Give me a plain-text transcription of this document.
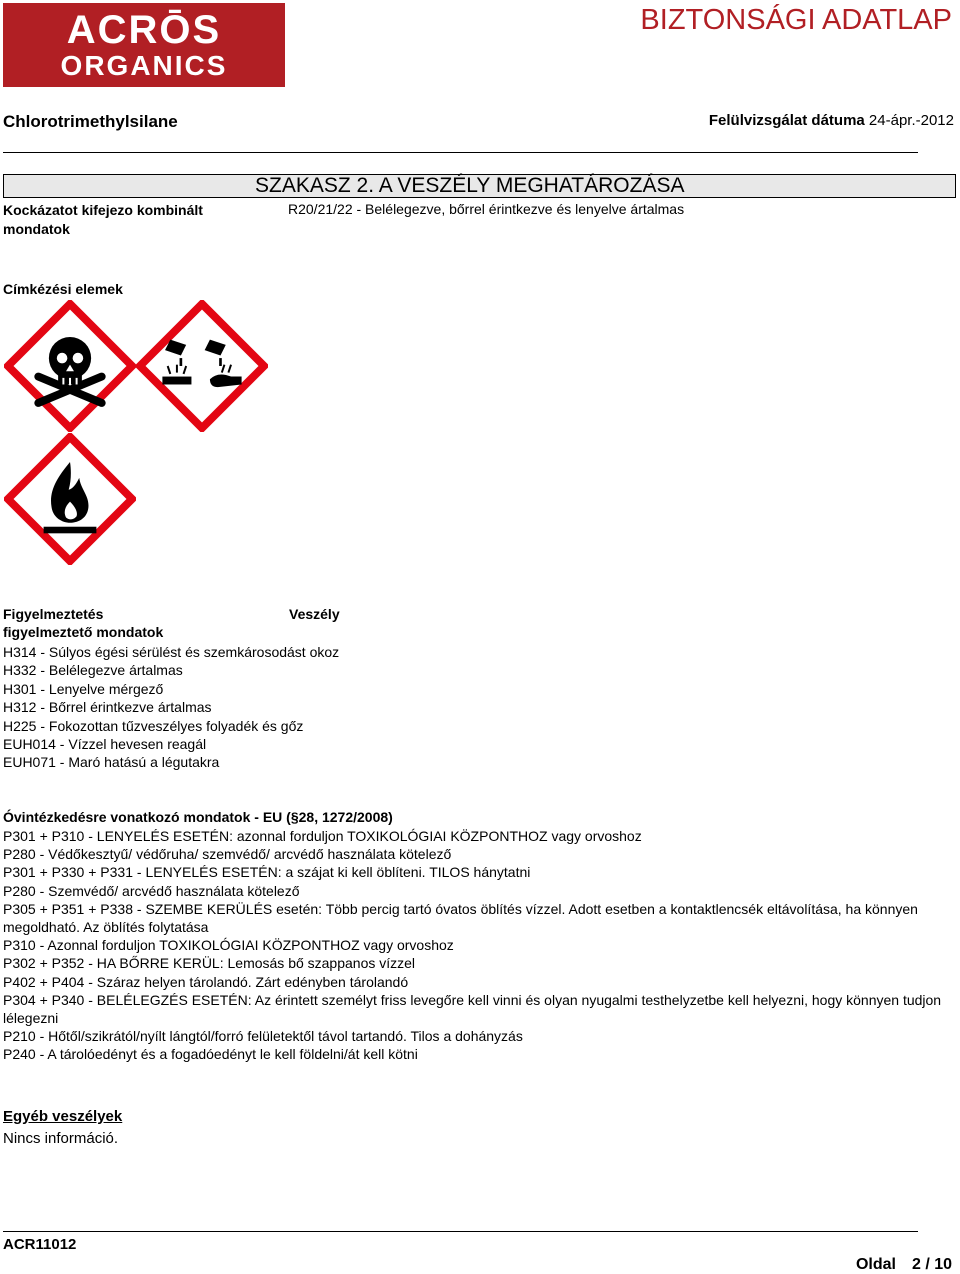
ACRŌS
ORGANICS
BIZTONSÁGI ADATLAP
Chlorotrimethylsilane	Felülvizsgálat dátuma 24-ápr.-2012
SZAKASZ 2. A VESZÉLY MEGHATÁROZÁSA
Kockázatot kifejezo kombinált mondatok
R20/21/22 - Belélegezve, bőrrel érintkezve és lenyelve ártalmas
Címkézési elemek
Figyelmeztetés	Veszély
figyelmeztető mondatok
H314 - Súlyos égési sérülést és szemkárosodást okoz
H332 - Belélegezve ártalmas
H301 - Lenyelve mérgező
H312 - Bőrrel érintkezve ártalmas
H225 - Fokozottan tűzveszélyes folyadék és gőz
EUH014 - Vízzel hevesen reagál
EUH071 - Maró hatású a légutakra
Óvintézkedésre vonatkozó mondatok - EU (§28, 1272/2008)
P301 + P310 - LENYELÉS ESETÉN: azonnal forduljon TOXIKOLÓGIAI KÖZPONTHOZ vagy orvoshoz
P280 - Védőkesztyű/ védőruha/ szemvédő/ arcvédő használata kötelező
P301 + P330 + P331 - LENYELÉS ESETÉN: a szájat ki kell öblíteni. TILOS hánytatni
P280 - Szemvédő/ arcvédő használata kötelező
P305 + P351 + P338 - SZEMBE KERÜLÉS esetén: Több percig tartó óvatos öblítés vízzel. Adott esetben a kontaktlencsék eltávolítása, ha könnyen megoldható. Az öblítés folytatása
P310 - Azonnal forduljon TOXIKOLÓGIAI KÖZPONTHOZ vagy orvoshoz
P302 + P352 - HA BŐRRE KERÜL: Lemosás bő szappanos vízzel
P402 + P404 - Száraz helyen tárolandó. Zárt edényben tárolandó
P304 + P340 - BELÉLEGZÉS ESETÉN: Az érintett személyt friss levegőre kell vinni és olyan nyugalmi testhelyzetbe kell helyezni, hogy könnyen tudjon lélegezni
P210 - Hőtől/szikrától/nyílt lángtól/forró felületektől távol tartandó. Tilos a dohányzás
P240 - A tárolóedényt és a fogadóedényt le kell földelni/át kell kötni
Egyéb veszélyek
Nincs információ.
ACR11012
Oldal 2 / 10
